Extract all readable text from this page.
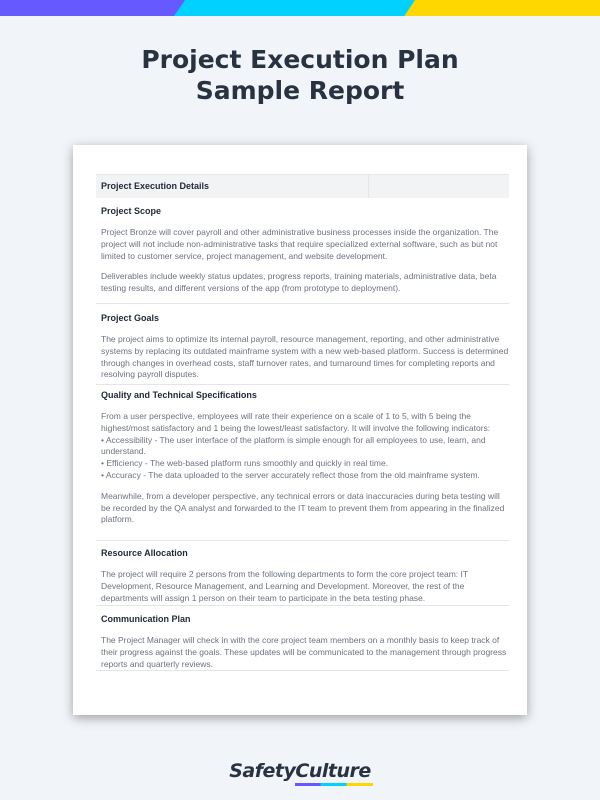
Project Execution Plan
Sample Report
Project Execution Details
Project Scope

Project Bronze will cover payroll and other administrative business processes inside the organization. The project will not include non-administrative tasks that require specialized external software, such as but not limited to customer service, project management, and website development.

Deliverables include weekly status updates, progress reports, training materials, administrative data, beta testing results, and different versions of the app (from prototype to deployment).

Project Goals

The project aims to optimize its internal payroll, resource management, reporting, and other administrative systems by replacing its outdated mainframe system with a new web-based platform. Success is determined through changes in overhead costs, staff turnover rates, and turnaround times for completing reports and resolving payroll disputes.

Quality and Technical Specifications

From a user perspective, employees will rate their experience on a scale of 1 to 5, with 5 being the highest/most satisfactory and 1 being the lowest/least satisfactory. It will involve the following indicators:

• Accessibility - The user interface of the platform is simple enough for all employees to use, learn, and understand.

• Efficiency - The web-based platform runs smoothly and quickly in real time.

• Accuracy - The data uploaded to the server accurately reflect those from the old mainframe system.

Meanwhile, from a developer perspective, any technical errors or data inaccuracies during beta testing will be recorded by the QA analyst and forwarded to the IT team to prevent them from appearing in the finalized platform.

Resource Allocation

The project will require 2 persons from the following departments to form the core project team: IT Development, Resource Management, and Learning and Development. Moreover, the rest of the departments will assign 1 person on their team to participate in the beta testing phase.

Communication Plan

The Project Manager will check in with the core project team members on a monthly basis to keep track of their progress against the goals. These updates will be communicated to the management through progress reports and quarterly reviews.

SafetyCulture
